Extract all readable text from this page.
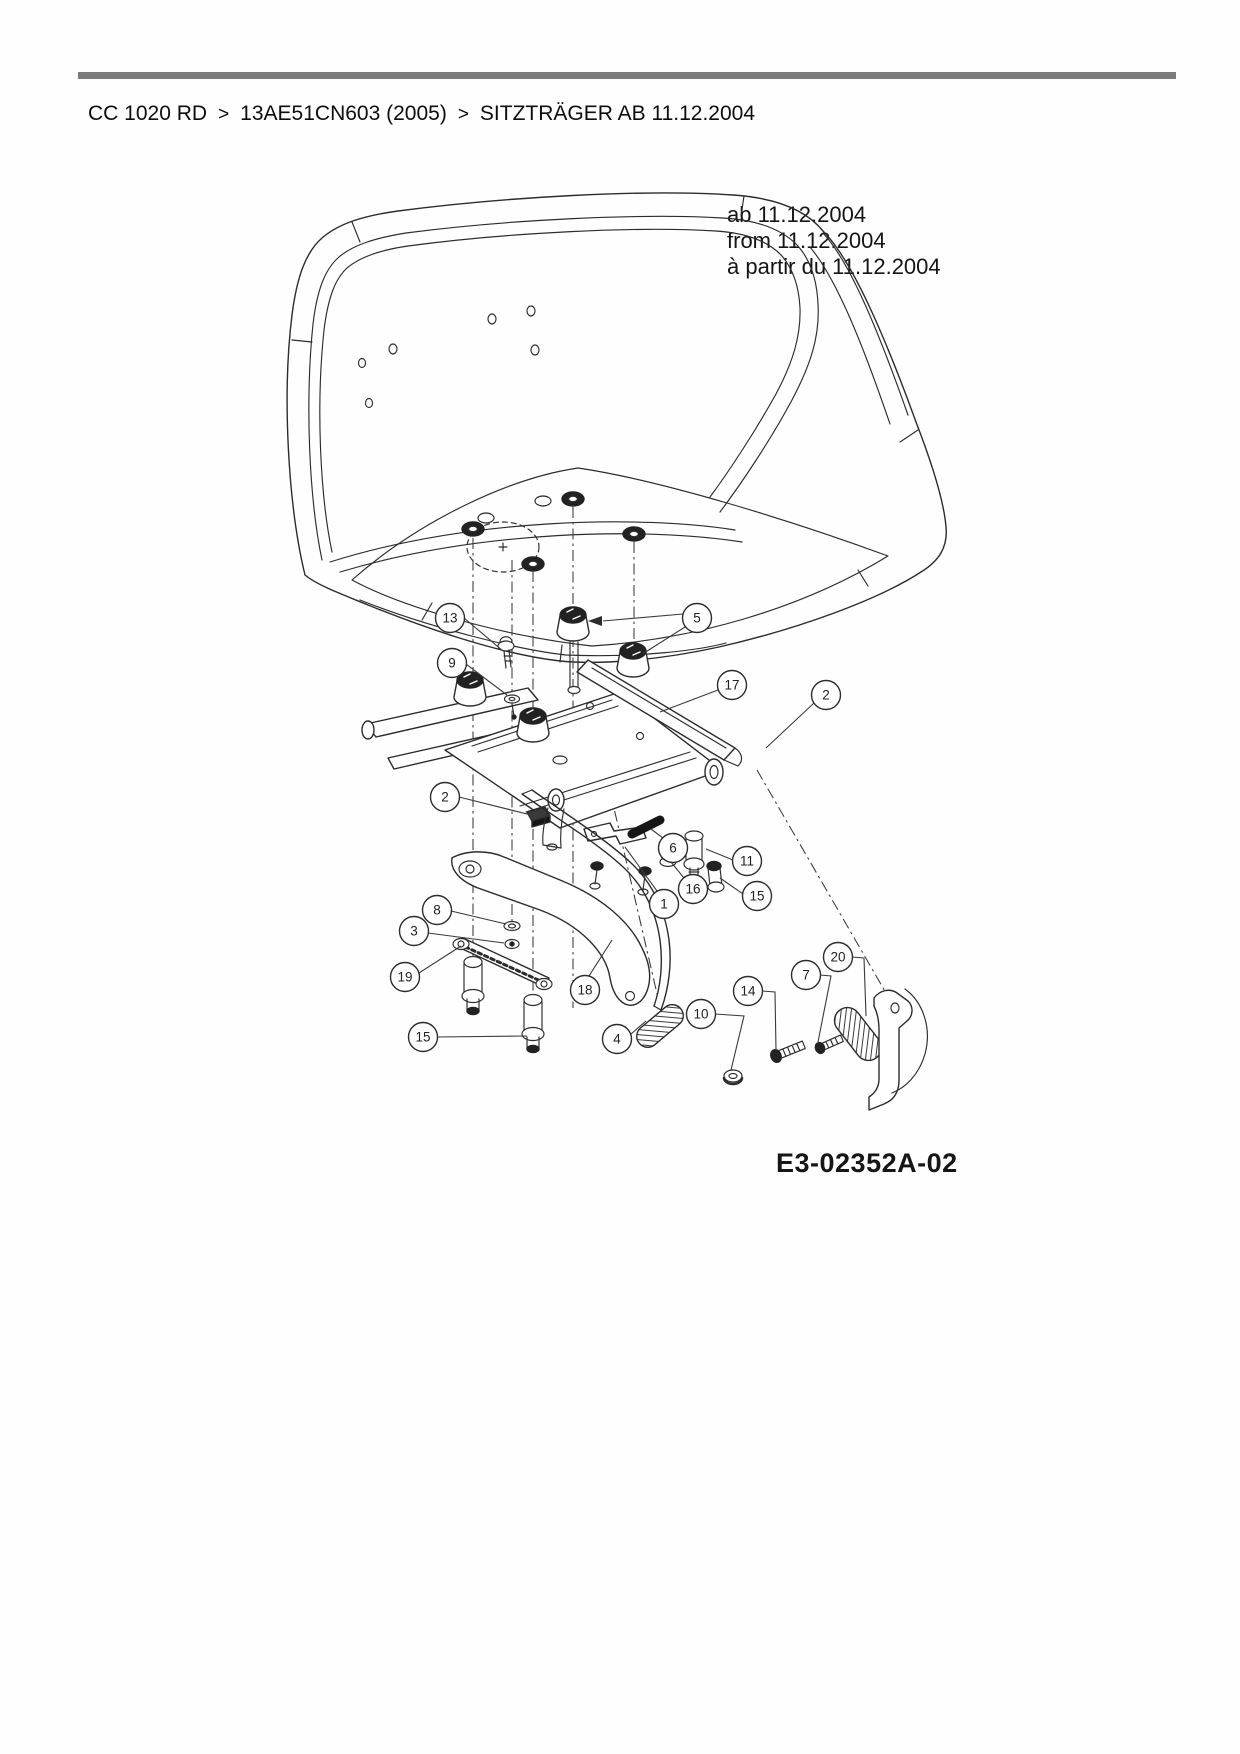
CC 1020 RD > 13AE51CN603 (2005) > SITZTRÄGER AB 11.12.2004
ab 11.12.2004
from 11.12.2004
à partir du 11.12.2004
13
9
5
17
2
2
6
11
16	15
1
8
3
19
18
15	4
10
14
7
20
E3-02352A-02
